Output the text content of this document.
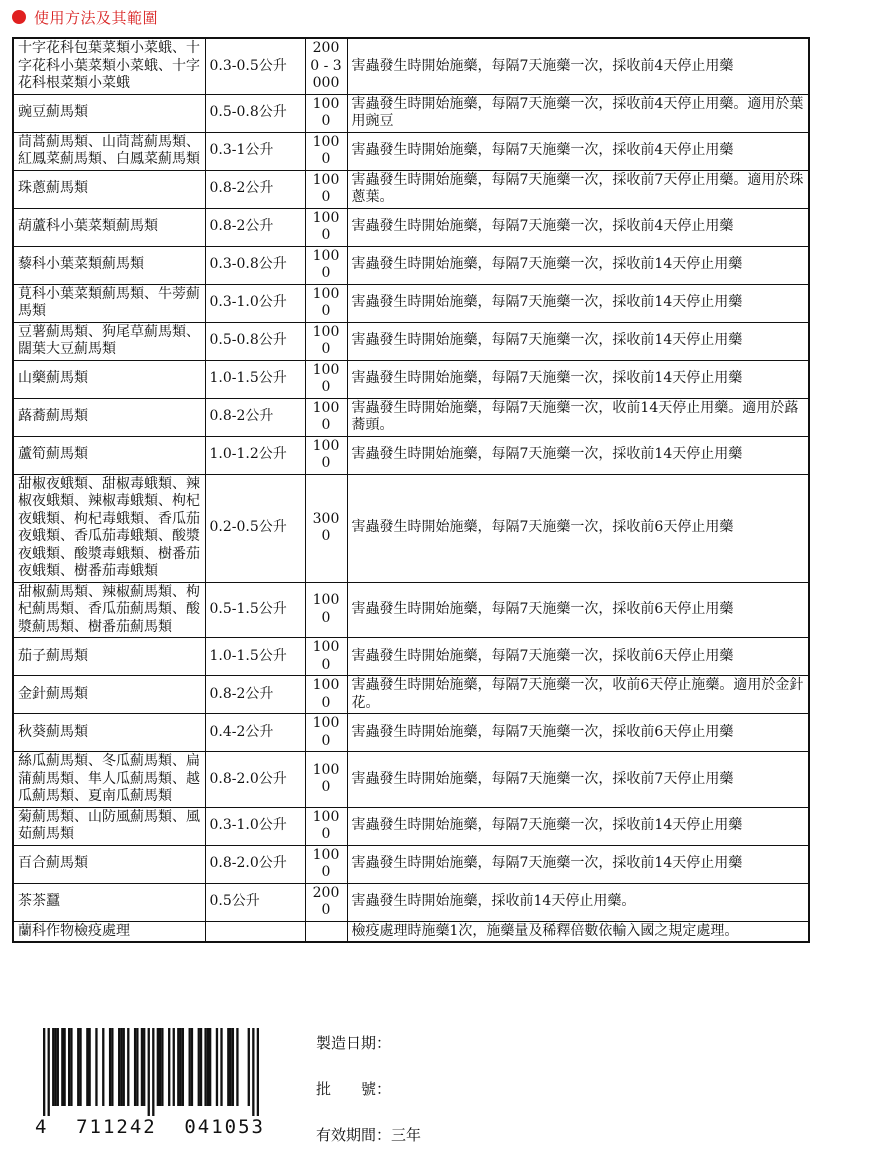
使用方法及其範圍
十字花科包葉菜類小菜蛾、十字花科小葉菜類小菜蛾、十字花科根菜類小菜蛾	0.3-0.5公升	2000 - 3000	害蟲發生時開始施藥，每隔7天施藥一次，採收前4天停止用藥
豌豆薊馬類	0.5-0.8公升	1000	害蟲發生時開始施藥，每隔7天施藥一次，採收前4天停止用藥。適用於葉用豌豆
茼蒿薊馬類、山茼蒿薊馬類、紅鳳菜薊馬類、白鳳菜薊馬類	0.3-1公升	1000	害蟲發生時開始施藥，每隔7天施藥一次，採收前4天停止用藥
珠蔥薊馬類	0.8-2公升	1000	害蟲發生時開始施藥，每隔7天施藥一次，採收前7天停止用藥。適用於珠蔥葉。
葫蘆科小葉菜類薊馬類	0.8-2公升	1000	害蟲發生時開始施藥，每隔7天施藥一次，採收前4天停止用藥
藜科小葉菜類薊馬類	0.3-0.8公升	1000	害蟲發生時開始施藥，每隔7天施藥一次，採收前14天停止用藥
莧科小葉菜類薊馬類、牛蒡薊馬類	0.3-1.0公升	1000	害蟲發生時開始施藥，每隔7天施藥一次，採收前14天停止用藥
豆薯薊馬類、狗尾草薊馬類、闊葉大豆薊馬類	0.5-0.8公升	1000	害蟲發生時開始施藥，每隔7天施藥一次，採收前14天停止用藥
山藥薊馬類	1.0-1.5公升	1000	害蟲發生時開始施藥，每隔7天施藥一次，採收前14天停止用藥
蕗蕎薊馬類	0.8-2公升	1000	害蟲發生時開始施藥，每隔7天施藥一次，收前14天停止用藥。適用於蕗蕎頭。
蘆筍薊馬類	1.0-1.2公升	1000	害蟲發生時開始施藥，每隔7天施藥一次，採收前14天停止用藥
甜椒夜蛾類、甜椒毒蛾類、辣椒夜蛾類、辣椒毒蛾類、枸杞夜蛾類、枸杞毒蛾類、香瓜茄夜蛾類、香瓜茄毒蛾類、酸漿夜蛾類、酸漿毒蛾類、樹番茄夜蛾類、樹番茄毒蛾類	0.2-0.5公升	3000	害蟲發生時開始施藥，每隔7天施藥一次，採收前6天停止用藥
甜椒薊馬類、辣椒薊馬類、枸杞薊馬類、香瓜茄薊馬類、酸漿薊馬類、樹番茄薊馬類	0.5-1.5公升	1000	害蟲發生時開始施藥，每隔7天施藥一次，採收前6天停止用藥
茄子薊馬類	1.0-1.5公升	1000	害蟲發生時開始施藥，每隔7天施藥一次，採收前6天停止用藥
金針薊馬類	0.8-2公升	1000	害蟲發生時開始施藥，每隔7天施藥一次，收前6天停止施藥。適用於金針花。
秋葵薊馬類	0.4-2公升	1000	害蟲發生時開始施藥，每隔7天施藥一次，採收前6天停止用藥
絲瓜薊馬類、冬瓜薊馬類、扁蒲薊馬類、隼人瓜薊馬類、越瓜薊馬類、夏南瓜薊馬類	0.8-2.0公升	1000	害蟲發生時開始施藥，每隔7天施藥一次，採收前7天停止用藥
菊薊馬類、山防風薊馬類、風茹薊馬類	0.3-1.0公升	1000	害蟲發生時開始施藥，每隔7天施藥一次，採收前14天停止用藥
百合薊馬類	0.8-2.0公升	1000	害蟲發生時開始施藥，每隔7天施藥一次，採收前14天停止用藥
茶茶蠶	0.5公升	2000	害蟲發生時開始施藥，採收前14天停止用藥。
蘭科作物檢疫處理			檢疫處理時施藥1次，施藥量及稀釋倍數依輸入國之規定處理。
4 711242 041053
製造日期：
批　　號：
有效期間： 三年
